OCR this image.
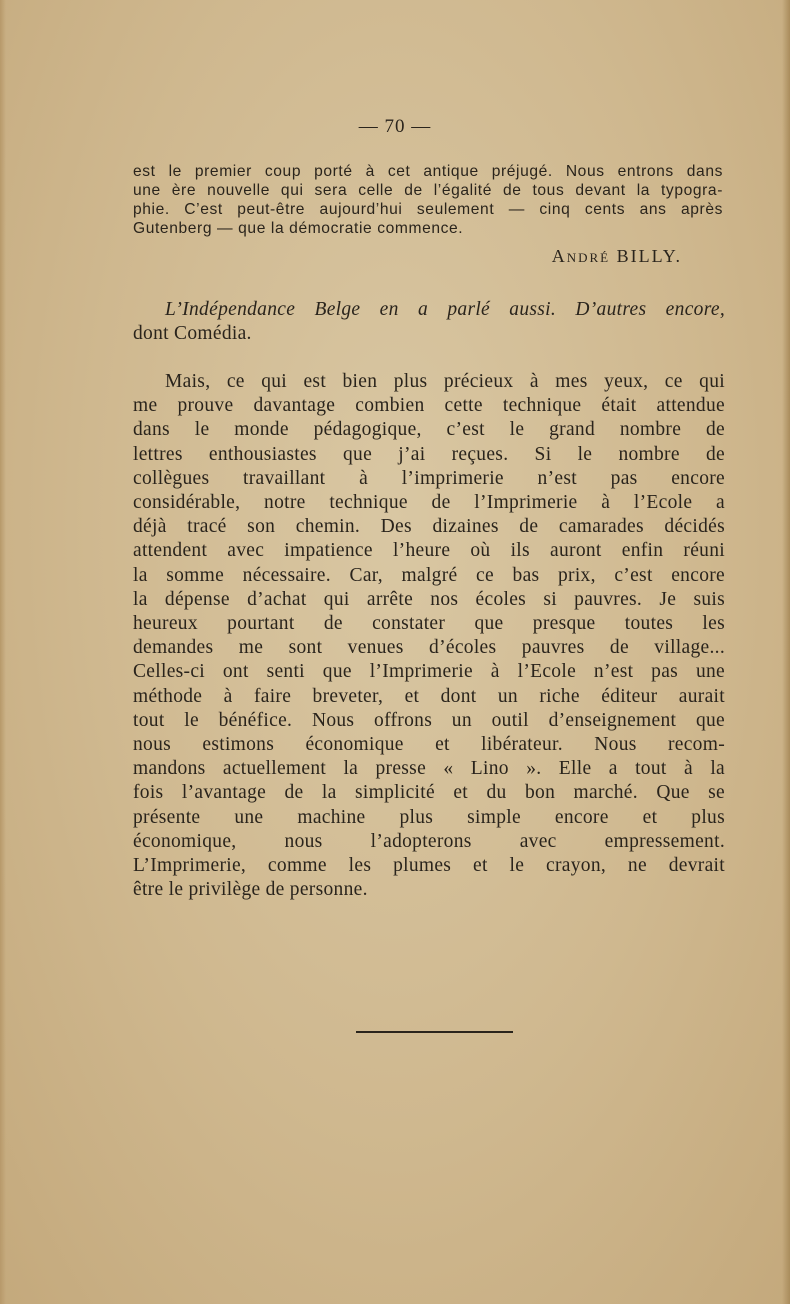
— 70 —
est le premier coup porté à cet antique préjugé. Nous entrons dans
une ère nouvelle qui sera celle de l’égalité de tous devant la typogra-
phie. C’est peut-être aujourd’hui seulement — cinq cents ans après
Gutenberg — que la démocratie commence.
André BILLY.
L’Indépendance Belge en a parlé aussi. D’autres encore,
dont Comédia.
Mais, ce qui est bien plus précieux à mes yeux, ce qui
me prouve davantage combien cette technique était attendue
dans le monde pédagogique, c’est le grand nombre de
lettres enthousiastes que j’ai reçues. Si le nombre de
collègues travaillant à l’imprimerie n’est pas encore
considérable, notre technique de l’Imprimerie à l’Ecole a
déjà tracé son chemin. Des dizaines de camarades décidés
attendent avec impatience l’heure où ils auront enfin réuni
la somme nécessaire. Car, malgré ce bas prix, c’est encore
la dépense d’achat qui arrête nos écoles si pauvres. Je suis
heureux pourtant de constater que presque toutes les
demandes me sont venues d’écoles pauvres de village...
Celles-ci ont senti que l’Imprimerie à l’Ecole n’est pas une
méthode à faire breveter, et dont un riche éditeur aurait
tout le bénéfice. Nous offrons un outil d’enseignement que
nous estimons économique et libérateur. Nous recom-
mandons actuellement la presse « Lino ». Elle a tout à la
fois l’avantage de la simplicité et du bon marché. Que se
présente une machine plus simple encore et plus
économique, nous l’adopterons avec empressement.
L’Imprimerie, comme les plumes et le crayon, ne devrait
être le privilège de personne.
